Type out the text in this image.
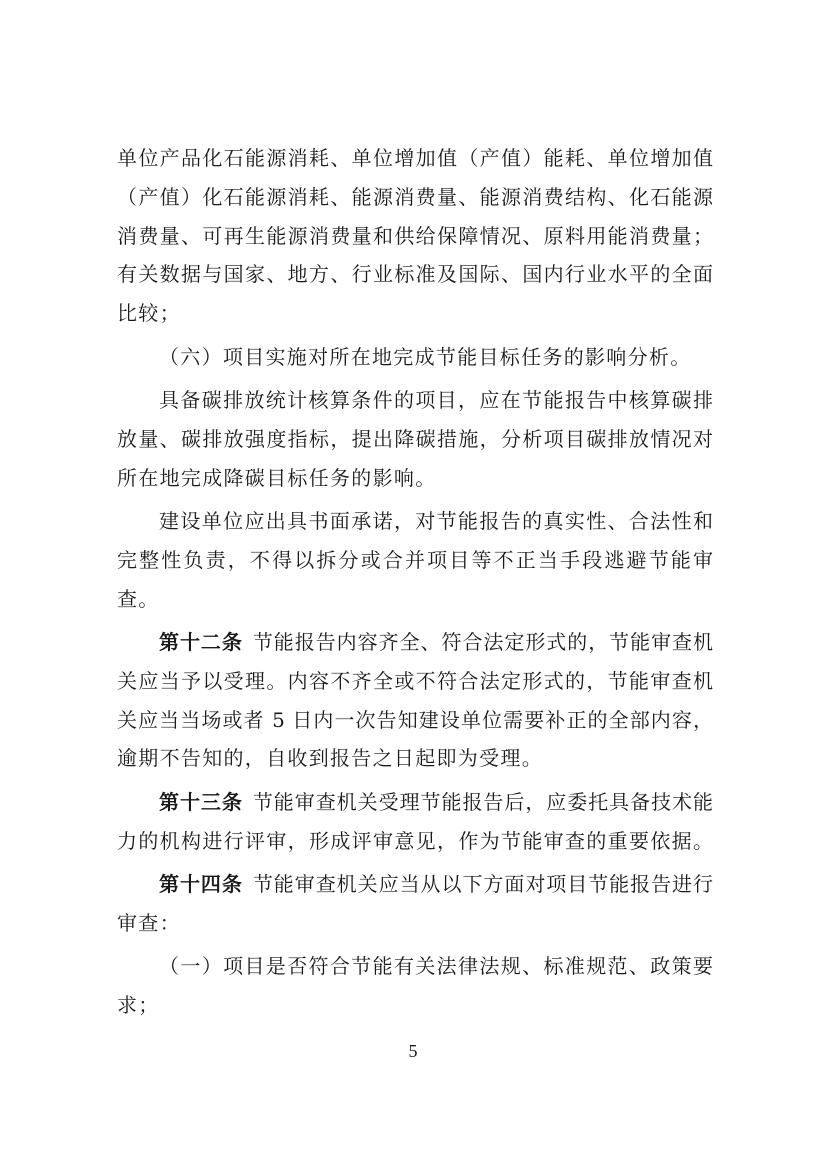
单位产品化石能源消耗、单位增加值（产值）能耗、单位增加值
（产值）化石能源消耗、能源消费量、能源消费结构、化石能源
消费量、可再生能源消费量和供给保障情况、原料用能消费量；
有关数据与国家、地方、行业标准及国际、国内行业水平的全面
比较；
（六）项目实施对所在地完成节能目标任务的影响分析。
具备碳排放统计核算条件的项目，应在节能报告中核算碳排
放量、碳排放强度指标，提出降碳措施，分析项目碳排放情况对
所在地完成降碳目标任务的影响。
建设单位应出具书面承诺，对节能报告的真实性、合法性和
完整性负责，不得以拆分或合并项目等不正当手段逃避节能审
查。
第十二条 节能报告内容齐全、符合法定形式的，节能审查机
关应当予以受理。内容不齐全或不符合法定形式的，节能审查机
关应当当场或者 5 日内一次告知建设单位需要补正的全部内容，
逾期不告知的，自收到报告之日起即为受理。
第十三条 节能审查机关受理节能报告后，应委托具备技术能
力的机构进行评审，形成评审意见，作为节能审查的重要依据。
第十四条 节能审查机关应当从以下方面对项目节能报告进行
审查：
（一）项目是否符合节能有关法律法规、标准规范、政策要
求；
5
